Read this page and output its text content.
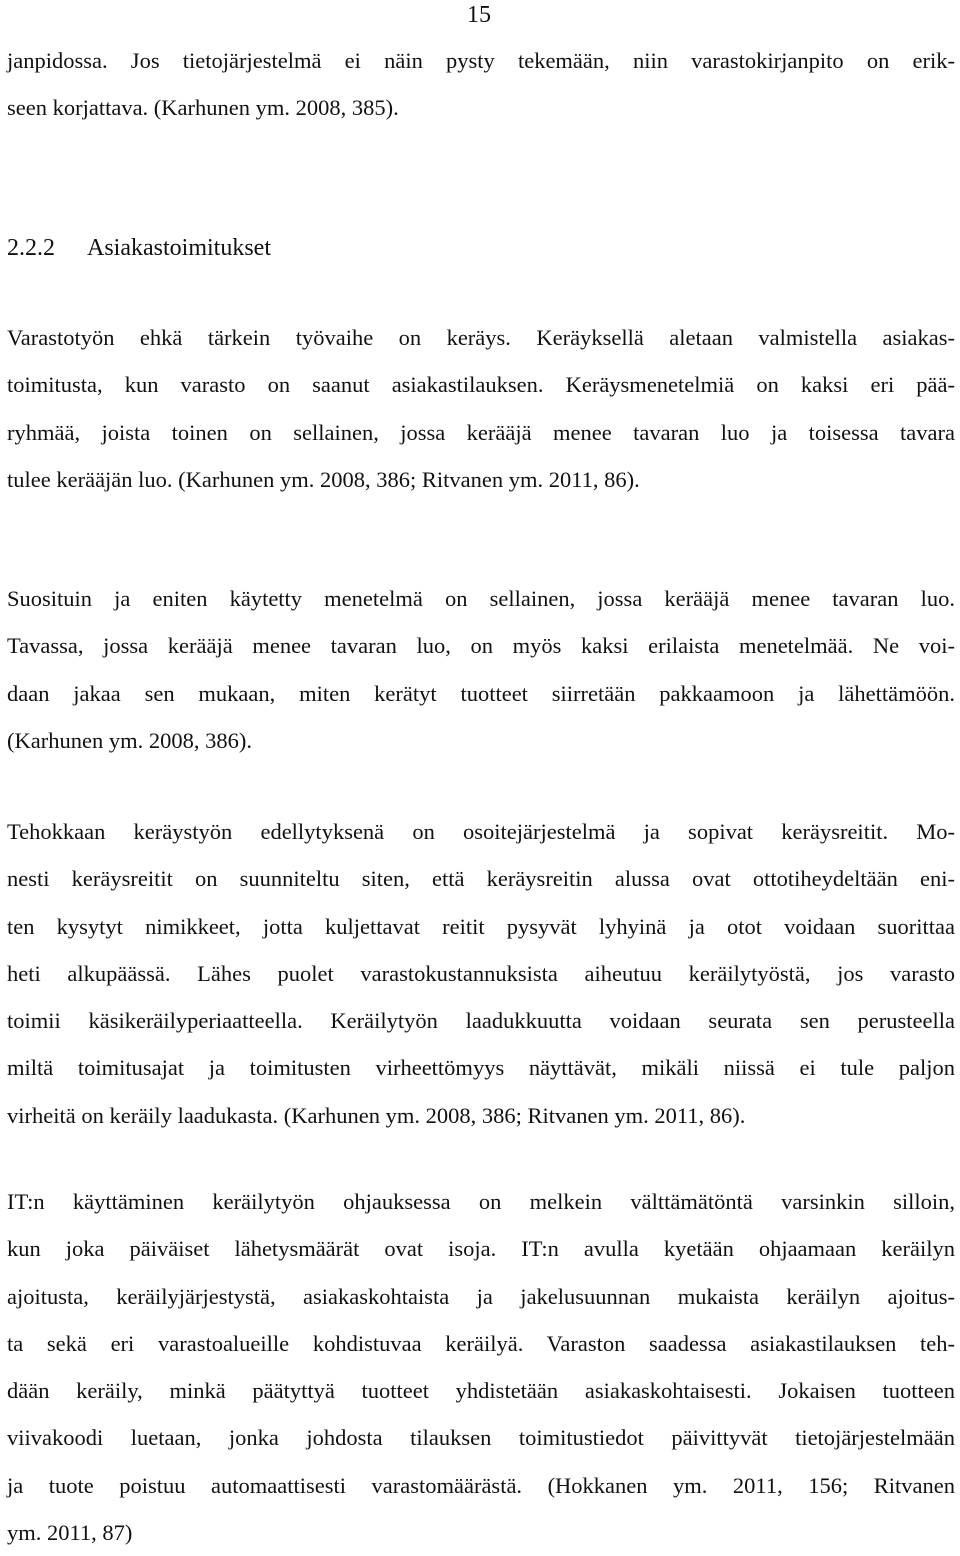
15
janpidossa. Jos tietojärjestelmä ei näin pysty tekemään, niin varastokirjanpito on erik-
seen korjattava. (Karhunen ym. 2008, 385).
2.2.2 Asiakastoimitukset
Varastotyön ehkä tärkein työvaihe on keräys. Keräyksellä aletaan valmistella asiakas-
toimitusta, kun varasto on saanut asiakastilauksen. Keräysmenetelmiä on kaksi eri pää-
ryhmää, joista toinen on sellainen, jossa kerääjä menee tavaran luo ja toisessa tavara
tulee kerääjän luo. (Karhunen ym. 2008, 386; Ritvanen ym. 2011, 86).
Suosituin ja eniten käytetty menetelmä on sellainen, jossa kerääjä menee tavaran luo.
Tavassa, jossa kerääjä menee tavaran luo, on myös kaksi erilaista menetelmää. Ne voi-
daan jakaa sen mukaan, miten kerätyt tuotteet siirretään pakkaamoon ja lähettämöön.
(Karhunen ym. 2008, 386).
Tehokkaan keräystyön edellytyksenä on osoitejärjestelmä ja sopivat keräysreitit. Mo-
nesti keräysreitit on suunniteltu siten, että keräysreitin alussa ovat ottotiheydeltään eni-
ten kysytyt nimikkeet, jotta kuljettavat reitit pysyvät lyhyinä ja otot voidaan suorittaa
heti alkupäässä. Lähes puolet varastokustannuksista aiheutuu keräilytyöstä, jos varasto
toimii käsikeräilyperiaatteella. Keräilytyön laadukkuutta voidaan seurata sen perusteella
miltä toimitusajat ja toimitusten virheettömyys näyttävät, mikäli niissä ei tule paljon
virheitä on keräily laadukasta. (Karhunen ym. 2008, 386; Ritvanen ym. 2011, 86).
IT:n käyttäminen keräilytyön ohjauksessa on melkein välttämätöntä varsinkin silloin,
kun joka päiväiset lähetysmäärät ovat isoja. IT:n avulla kyetään ohjaamaan keräilyn
ajoitusta, keräilyjärjestystä, asiakaskohtaista ja jakelusuunnan mukaista keräilyn ajoitus-
ta sekä eri varastoalueille kohdistuvaa keräilyä. Varaston saadessa asiakastilauksen teh-
dään keräily, minkä päätyttyä tuotteet yhdistetään asiakaskohtaisesti. Jokaisen tuotteen
viivakoodi luetaan, jonka johdosta tilauksen toimitustiedot päivittyvät tietojärjestelmään
ja tuote poistuu automaattisesti varastomäärästä. (Hokkanen ym. 2011, 156; Ritvanen
ym. 2011, 87)
